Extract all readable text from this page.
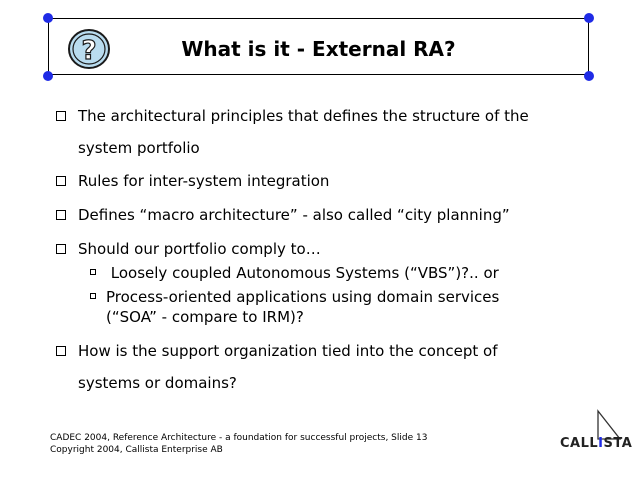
?	What is it - External RA?
The architectural principles that defines the structure of the
system portfolio
Rules for inter-system integration
Defines “macro architecture” - also called “city planning”
Should our portfolio comply to…
Loosely coupled Autonomous Systems (“VBS”)?.. or
Process-oriented applications using domain services
(“SOA” - compare to IRM)?
How is the support organization tied into the concept of
systems or domains?
CADEC 2004, Reference Architecture - a foundation for successful projects, Slide 13
Copyright 2004, Callista Enterprise AB	CALLISTA
